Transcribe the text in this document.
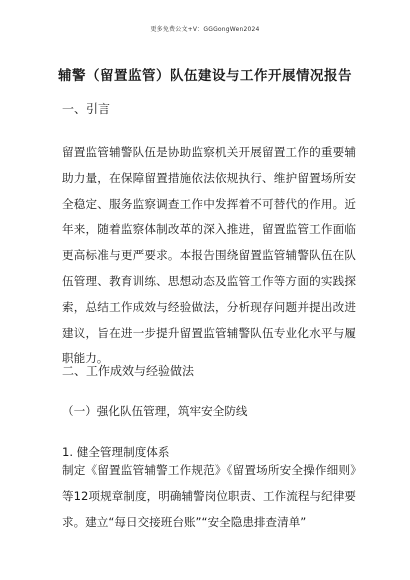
更多免费公文+V：GGGongWen2024
辅警（留置监管）队伍建设与工作开展情况报告
一、引言

留置监管辅警队伍是协助监察机关开展留置工作的重要辅助力量，在保障留置措施依法依规执行、维护留置场所安全稳定、服务监察调查工作中发挥着不可替代的作用。近年来，随着监察体制改革的深入推进，留置监管工作面临更高标准与更严要求。本报告围绕留置监管辅警队伍在队伍管理、教育训练、思想动态及监管工作等方面的实践探索，总结工作成效与经验做法，分析现存问题并提出改进建议，旨在进一步提升留置监管辅警队伍专业化水平与履职能力。

二、工作成效与经验做法
（一）强化队伍管理，筑牢安全防线
1. 健全管理制度体系

制定《留置监管辅警工作规范》《留置场所安全操作细则》等12项规章制度，明确辅警岗位职责、工作流程与纪律要求。建立“每日交接班台账”“安全隐患排查清单”
